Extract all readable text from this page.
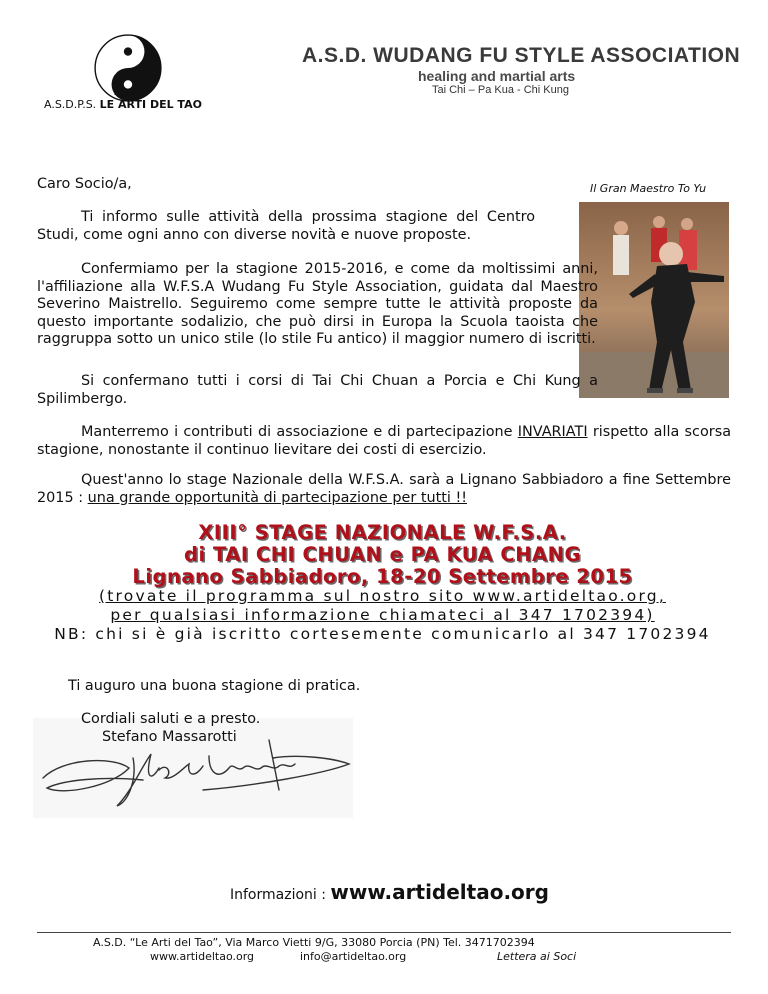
A.S.D. WUDANG FU STYLE ASSOCIATION
healing and martial arts
Tai Chi – Pa Kua - Chi Kung
A.S.D.P.S. LE ARTI DEL TAO
Caro Socio/a,	Il Gran Maestro To Yu
Ti informo sulle attività della prossima stagione del Centro Studi, come ogni anno con diverse novità e nuove proposte.
Confermiamo per la stagione 2015-2016, e come da moltissimi anni, l'affiliazione alla W.F.S.A Wudang Fu Style Association, guidata dal Maestro Severino Maistrello. Seguiremo come sempre tutte le attività proposte da questo importante sodalizio, che può dirsi in Europa la Scuola taoista che raggruppa sotto un unico stile (lo stile Fu antico) il maggior numero di iscritti.
Si confermano tutti i corsi di Tai Chi Chuan a Porcia e Chi Kung a Spilimbergo.
Manterremo i contributi di associazione e di partecipazione INVARIATI rispetto alla scorsa stagione, nonostante il continuo lievitare dei costi di esercizio.
Quest'anno lo stage Nazionale della W.F.S.A. sarà a Lignano Sabbiadoro a fine Settembre 2015 : una grande opportunità di partecipazione per tutti !!
XIII° STAGE NAZIONALE W.F.S.A.
di TAI CHI CHUAN e PA KUA CHANG
Lignano Sabbiadoro, 18-20 Settembre 2015
(trovate il programma sul nostro sito www.artideltao.org,
per qualsiasi informazione chiamateci al 347 1702394)
NB: chi si è già iscritto cortesemente comunicarlo al 347 1702394
Ti auguro una buona stagione di pratica.
Cordiali saluti e a presto.
Stefano Massarotti
Informazioni : www.artideltao.org
A.S.D. “Le Arti del Tao”, Via Marco Vietti 9/G, 33080 Porcia (PN) Tel. 3471702394
www.artideltao.org	info@artideltao.org	Lettera ai Soci
